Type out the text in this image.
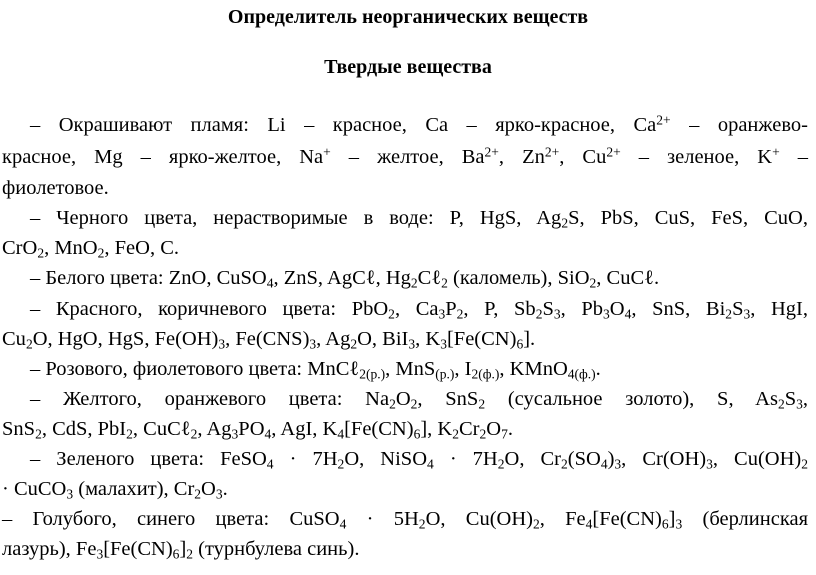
Определитель неорганических веществ
Твердые вещества
– Окрашивают пламя: Li – красное, Ca – ярко-красное, $Ca^{2+}$ – оранжево-
красное, Mg – ярко-желтое, Na+ – желтое, $Ba^{2+}$, $Zn^{2+}$, $Cu^{2+}$ – зеленое, K+ –
фиолетовое.
– Черного цвета, нерастворимые в воде: P, HgS, $Ag_2S$, PbS, CuS, FeS, CuO,
CrO$_2$, MnO$_2$, FeO, C.
– Белого цвета: ZnO, CuSO$_4$, ZnS, AgCℓ, $Hg_2C\ell_2$ (каломель), SiO$_2$, CuCℓ.
– Красного, коричневого цвета: PbO$_2$, $Ca_3P_2$, P, $Sb_2S_3$, $Pb_3O_4$, SnS, $Bi_2S_3$, HgI,
$Cu_2O$, HgO, HgS, $Fe(OH)_3$, $Fe(CNS)_3$, $Ag_2O$, BiI$_3$, $K_3[Fe(CN)_6]$.
– Розового, фиолетового цвета: MnCℓ$_{2(р.)}$, MnS$_{(р.)}$, $I_{2(ф.)}$, KMnO$_{4(ф.)}$.
– Желтого, оранжевого цвета: $Na_2O_2$, SnS$_2$ (сусальное золото), S, $As_2S_3$,
SnS$_2$, CdS, PbI$_2$, CuCℓ$_2$, $Ag_3PO_4$, AgI, $K_4[Fe(CN)_6]$, $K_2Cr_2O_7$.
– Зеленого цвета: FeSO$_4$ · $7H_2O$, NiSO$_4$ · $7H_2O$, $Cr_2(SO_4)_3$, $Cr(OH)_3$, $Cu(OH)_2$
· CuCO$_3$ (малахит), $Cr_2O_3$.
– Голубого, синего цвета: CuSO$_4$ · $5H_2O$, $Cu(OH)_2$, $Fe_4[Fe(CN)_6]_3$ (берлинская
лазурь), $Fe_3[Fe(CN)_6]_2$ (турнбулева синь).
